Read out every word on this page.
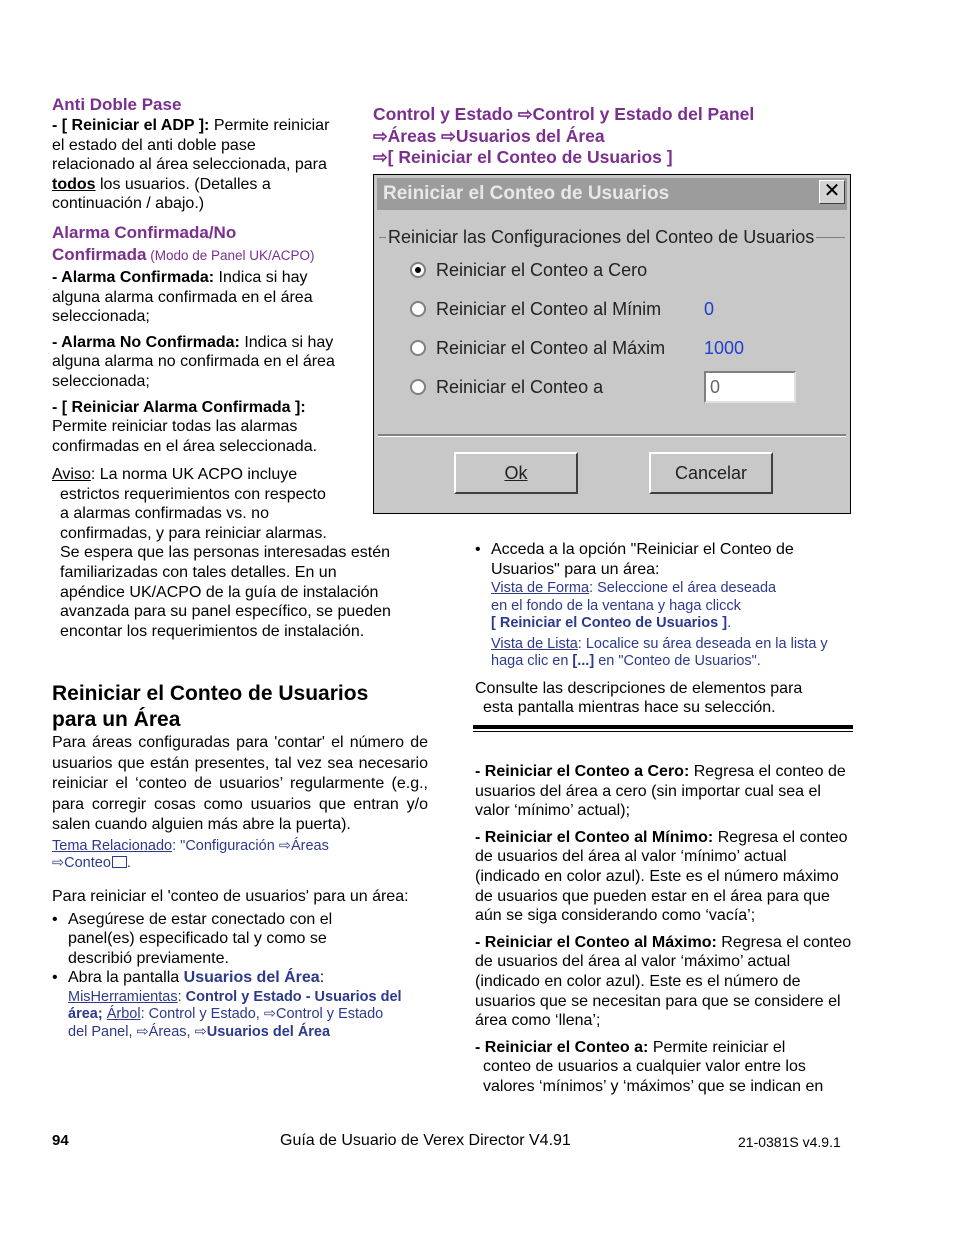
Anti Doble Pase
- [ Reiniciar el ADP ]: Permite reiniciar
el estado del anti doble pase
relacionado al área seleccionada, para
todos los usuarios. (Detalles a
continuación / abajo.)
Alarma Confirmada/No
Confirmada (Modo de Panel UK/ACPO)
- Alarma Confirmada: Indica si hay
alguna alarma confirmada en el área
seleccionada;
- Alarma No Confirmada: Indica si hay
alguna alarma no confirmada en el área
seleccionada;
- [ Reiniciar Alarma Confirmada ]:
Permite reiniciar todas las alarmas
confirmadas en el área seleccionada.
Aviso: La norma UK ACPO incluye
estrictos requerimientos con respecto
a alarmas confirmadas vs. no
confirmadas, y para reiniciar alarmas.
Se espera que las personas interesadas estén
familiarizadas con tales detalles. En un
apéndice UK/ACPO de la guía de instalación
avanzada para su panel específico, se pueden
encontar los requerimientos de instalación.
Reiniciar el Conteo de Usuarios
para un Área
Para áreas configuradas para 'contar' el número de usuarios que están presentes, tal vez sea necesario reiniciar el ‘conteo de usuarios’ regularmente (e.g., para corregir cosas como usuarios que entran y/o salen cuando alguien más abre la puerta).
Tema Relacionado: "Configuración ⇨Áreas
⇨Conteo .
Para reiniciar el 'conteo de usuarios' para un área:
• Asegúrese de estar conectado con el panel(es) especificado tal y como se describió previamente.
• Abra la pantalla Usuarios del Área:
MisHerramientas: Control y Estado - Usuarios del
área; Árbol: Control y Estado, ⇨Control y Estado
del Panel, ⇨Áreas, ⇨Usuarios del Área
Control y Estado ⇨Control y Estado del Panel
⇨Áreas ⇨Usuarios del Área
⇨[ Reiniciar el Conteo de Usuarios ]
Reiniciar el Conteo de Usuarios	✕
Reiniciar las Configuraciones del Conteo de Usuarios
Reiniciar el Conteo a Cero
Reiniciar el Conteo al Mínim 0
Reiniciar el Conteo al Máxim 1000
Reiniciar el Conteo a	0
Ok	Cancelar
• Acceda a la opción "Reiniciar el Conteo de Usuarios" para un área:
Vista de Forma: Seleccione el área deseada
en el fondo de la ventana y haga clicck
[ Reiniciar el Conteo de Usuarios ].
Vista de Lista: Localice su área deseada en la lista y
haga clic en [...] en "Conteo de Usuarios".
Consulte las descripciones de elementos para
esta pantalla mientras hace su selección.
- Reiniciar el Conteo a Cero: Regresa el conteo de usuarios del área a cero (sin importar cual sea el valor ‘mínimo’ actual);
- Reiniciar el Conteo al Mínimo: Regresa el conteo de usuarios del área al valor ‘mínimo’ actual (indicado en color azul). Este es el número máximo de usuarios que pueden estar en el área para que aún se siga considerando como ‘vacía’;
- Reiniciar el Conteo al Máximo: Regresa el conteo de usuarios del área al valor ‘máximo’ actual (indicado en color azul). Este es el número de usuarios que se necesitan para que se considere el área como ‘llena’;
- Reiniciar el Conteo a: Permite reiniciar el
conteo de usuarios a cualquier valor entre los
valores ‘mínimos’ y ‘máximos’ que se indican en
94	Guía de Usuario de Verex Director V4.91	21-0381S v4.9.1
